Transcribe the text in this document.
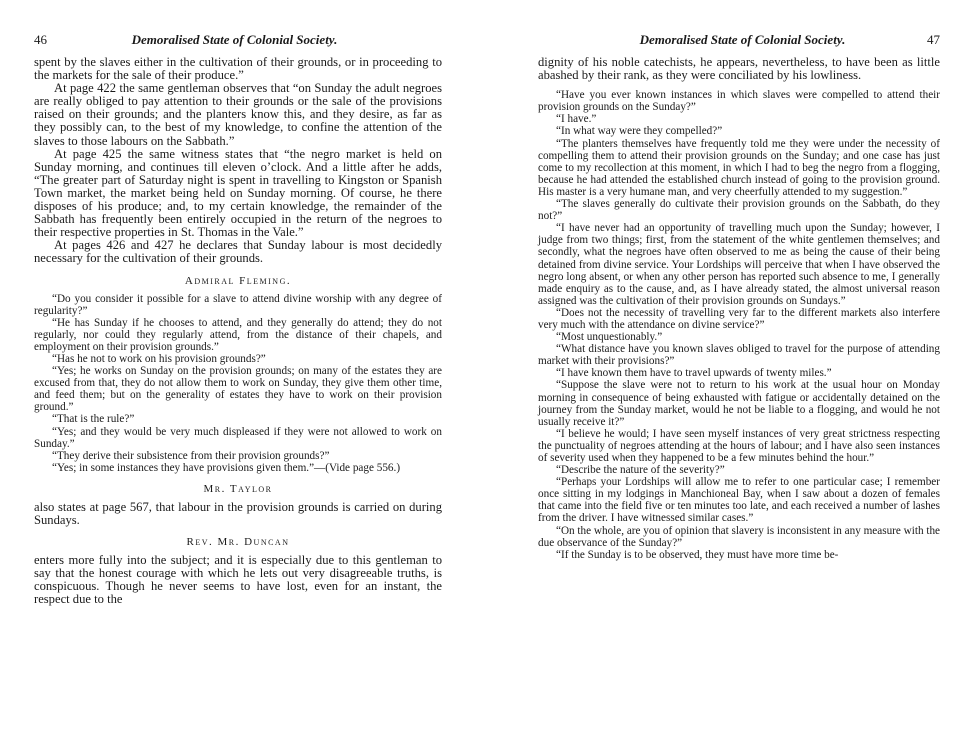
46	Demoralised State of Colonial Society.

spent by the slaves either in the cultivation of their grounds, or in proceeding to the markets for the sale of their produce.”

At page 422 the same gentleman observes that “on Sunday the adult negroes are really obliged to pay attention to their grounds or the sale of the provisions raised on their grounds; and the planters know this, and they desire, as far as they possibly can, to the best of my knowledge, to confine the attention of the slaves to those labours on the Sabbath.”

At page 425 the same witness states that “the negro market is held on Sunday morning, and continues till eleven o’clock. And a little after he adds, “The greater part of Saturday night is spent in travelling to Kingston or Spanish Town market, the market being held on Sunday morning. Of course, he there disposes of his produce; and, to my certain knowledge, the remainder of the Sabbath has frequently been entirely occupied in the return of the negroes to their respective properties in St. Thomas in the Vale.”

At pages 426 and 427 he declares that Sunday labour is most decidedly necessary for the cultivation of their grounds.

Admiral Fleming.

“Do you consider it possible for a slave to attend divine worship with any degree of regularity?”

“He has Sunday if he chooses to attend, and they generally do attend; they do not regularly, nor could they regularly attend, from the distance of their chapels, and employment on their provision grounds.”

“Has he not to work on his provision grounds?”

“Yes; he works on Sunday on the provision grounds; on many of the estates they are excused from that, they do not allow them to work on Sunday, they give them other time, and feed them; but on the generality of estates they have to work on their provision ground.”

“That is the rule?”

“Yes; and they would be very much displeased if they were not allowed to work on Sunday.”

“They derive their subsistence from their provision grounds?”

“Yes; in some instances they have provisions given them.”—(Vide page 556.)

Mr. Taylor

also states at page 567, that labour in the provision grounds is carried on during Sundays.

Rev. Mr. Duncan

enters more fully into the subject; and it is especially due to this gentleman to say that the honest courage with which he lets out very disagreeable truths, is conspicuous. Though he never seems to have lost, even for an instant, the respect due to the

Demoralised State of Colonial Society.	47

dignity of his noble catechists, he appears, nevertheless, to have been as little abashed by their rank, as they were conciliated by his lowliness.

“Have you ever known instances in which slaves were compelled to attend their provision grounds on the Sunday?”

“I have.”

“In what way were they compelled?”

“The planters themselves have frequently told me they were under the necessity of compelling them to attend their provision grounds on the Sunday; and one case has just come to my recollection at this moment, in which I had to beg the negro from a flogging, because he had attended the established church instead of going to the provision ground. His master is a very humane man, and very cheerfully attended to my suggestion.”

“The slaves generally do cultivate their provision grounds on the Sabbath, do they not?”

“I have never had an opportunity of travelling much upon the Sunday; however, I judge from two things; first, from the statement of the white gentlemen themselves; and secondly, what the negroes have often observed to me as being the cause of their being detained from divine service. Your Lordships will perceive that when I have observed the negro long absent, or when any other person has reported such absence to me, I generally made enquiry as to the cause, and, as I have already stated, the almost universal reason assigned was the cultivation of their provision grounds on Sundays.”

“Does not the necessity of travelling very far to the different markets also interfere very much with the attendance on divine service?”

“Most unquestionably.”

“What distance have you known slaves obliged to travel for the purpose of attending market with their provisions?”

“I have known them have to travel upwards of twenty miles.”

“Suppose the slave were not to return to his work at the usual hour on Monday morning in consequence of being exhausted with fatigue or accidentally detained on the journey from the Sunday market, would he not be liable to a flogging, and would he not usually receive it?”

“I believe he would; I have seen myself instances of very great strictness respecting the punctuality of negroes attending at the hours of labour; and I have also seen instances of severity used when they happened to be a few minutes behind the hour.”

“Describe the nature of the severity?”

“Perhaps your Lordships will allow me to refer to one particular case; I remember once sitting in my lodgings in Manchioneal Bay, when I saw about a dozen of females that came into the field five or ten minutes too late, and each received a number of lashes from the driver. I have witnessed similar cases.”

“On the whole, are you of opinion that slavery is inconsistent in any measure with the due observance of the Sunday?”

“If the Sunday is to be observed, they must have more time be-
